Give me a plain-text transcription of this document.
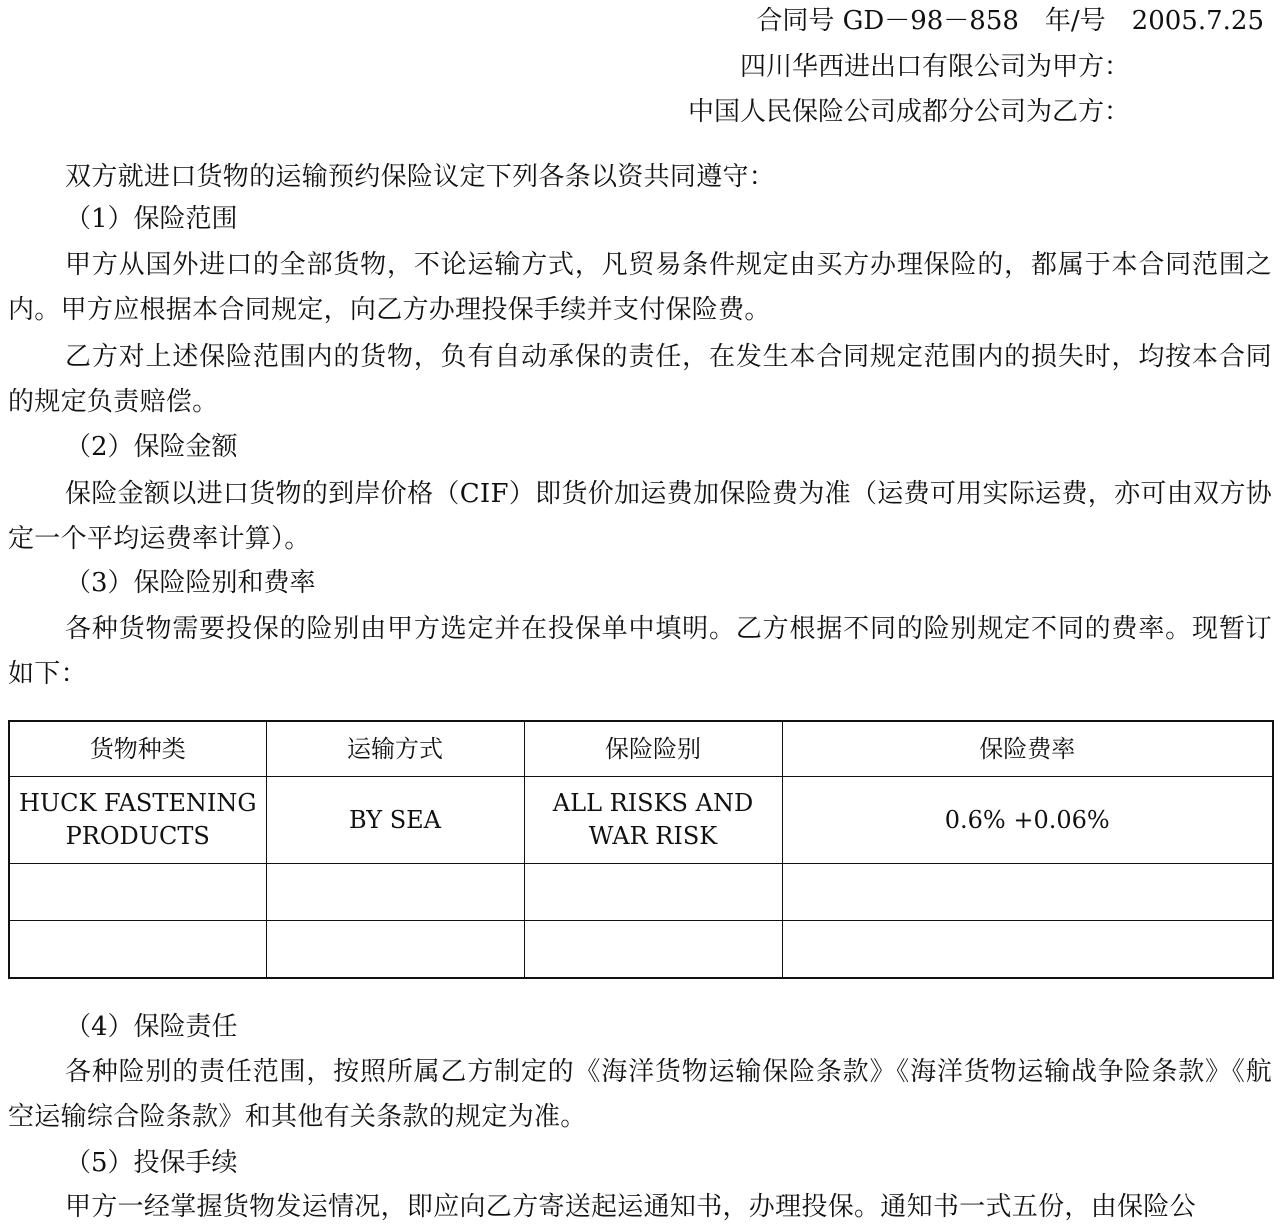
合同号 GD－98－858　年/号　2005.7.25
四川华西进出口有限公司为甲方：
中国人民保险公司成都分公司为乙方：
双方就进口货物的运输预约保险议定下列各条以资共同遵守：
（1）保险范围
甲方从国外进口的全部货物，不论运输方式，凡贸易条件规定由买方办理保险的，都属于本合同范围之内。甲方应根据本合同规定，向乙方办理投保手续并支付保险费。
乙方对上述保险范围内的货物，负有自动承保的责任，在发生本合同规定范围内的损失时，均按本合同的规定负责赔偿。
（2）保险金额
保险金额以进口货物的到岸价格（CIF）即货价加运费加保险费为准（运费可用实际运费，亦可由双方协定一个平均运费率计算）。
（3）保险险别和费率
各种货物需要投保的险别由甲方选定并在投保单中填明。乙方根据不同的险别规定不同的费率。现暂订如下：
货物种类	运输方式	保险险别	保险费率
HUCK FASTENING PRODUCTS	BY SEA	ALL RISKS AND WAR RISK	0.6% +0.06%

（4）保险责任
各种险别的责任范围，按照所属乙方制定的《海洋货物运输保险条款》《海洋货物运输战争险条款》《航空运输综合险条款》和其他有关条款的规定为准。
（5）投保手续
甲方一经掌握货物发运情况，即应向乙方寄送起运通知书，办理投保。通知书一式五份，由保险公
